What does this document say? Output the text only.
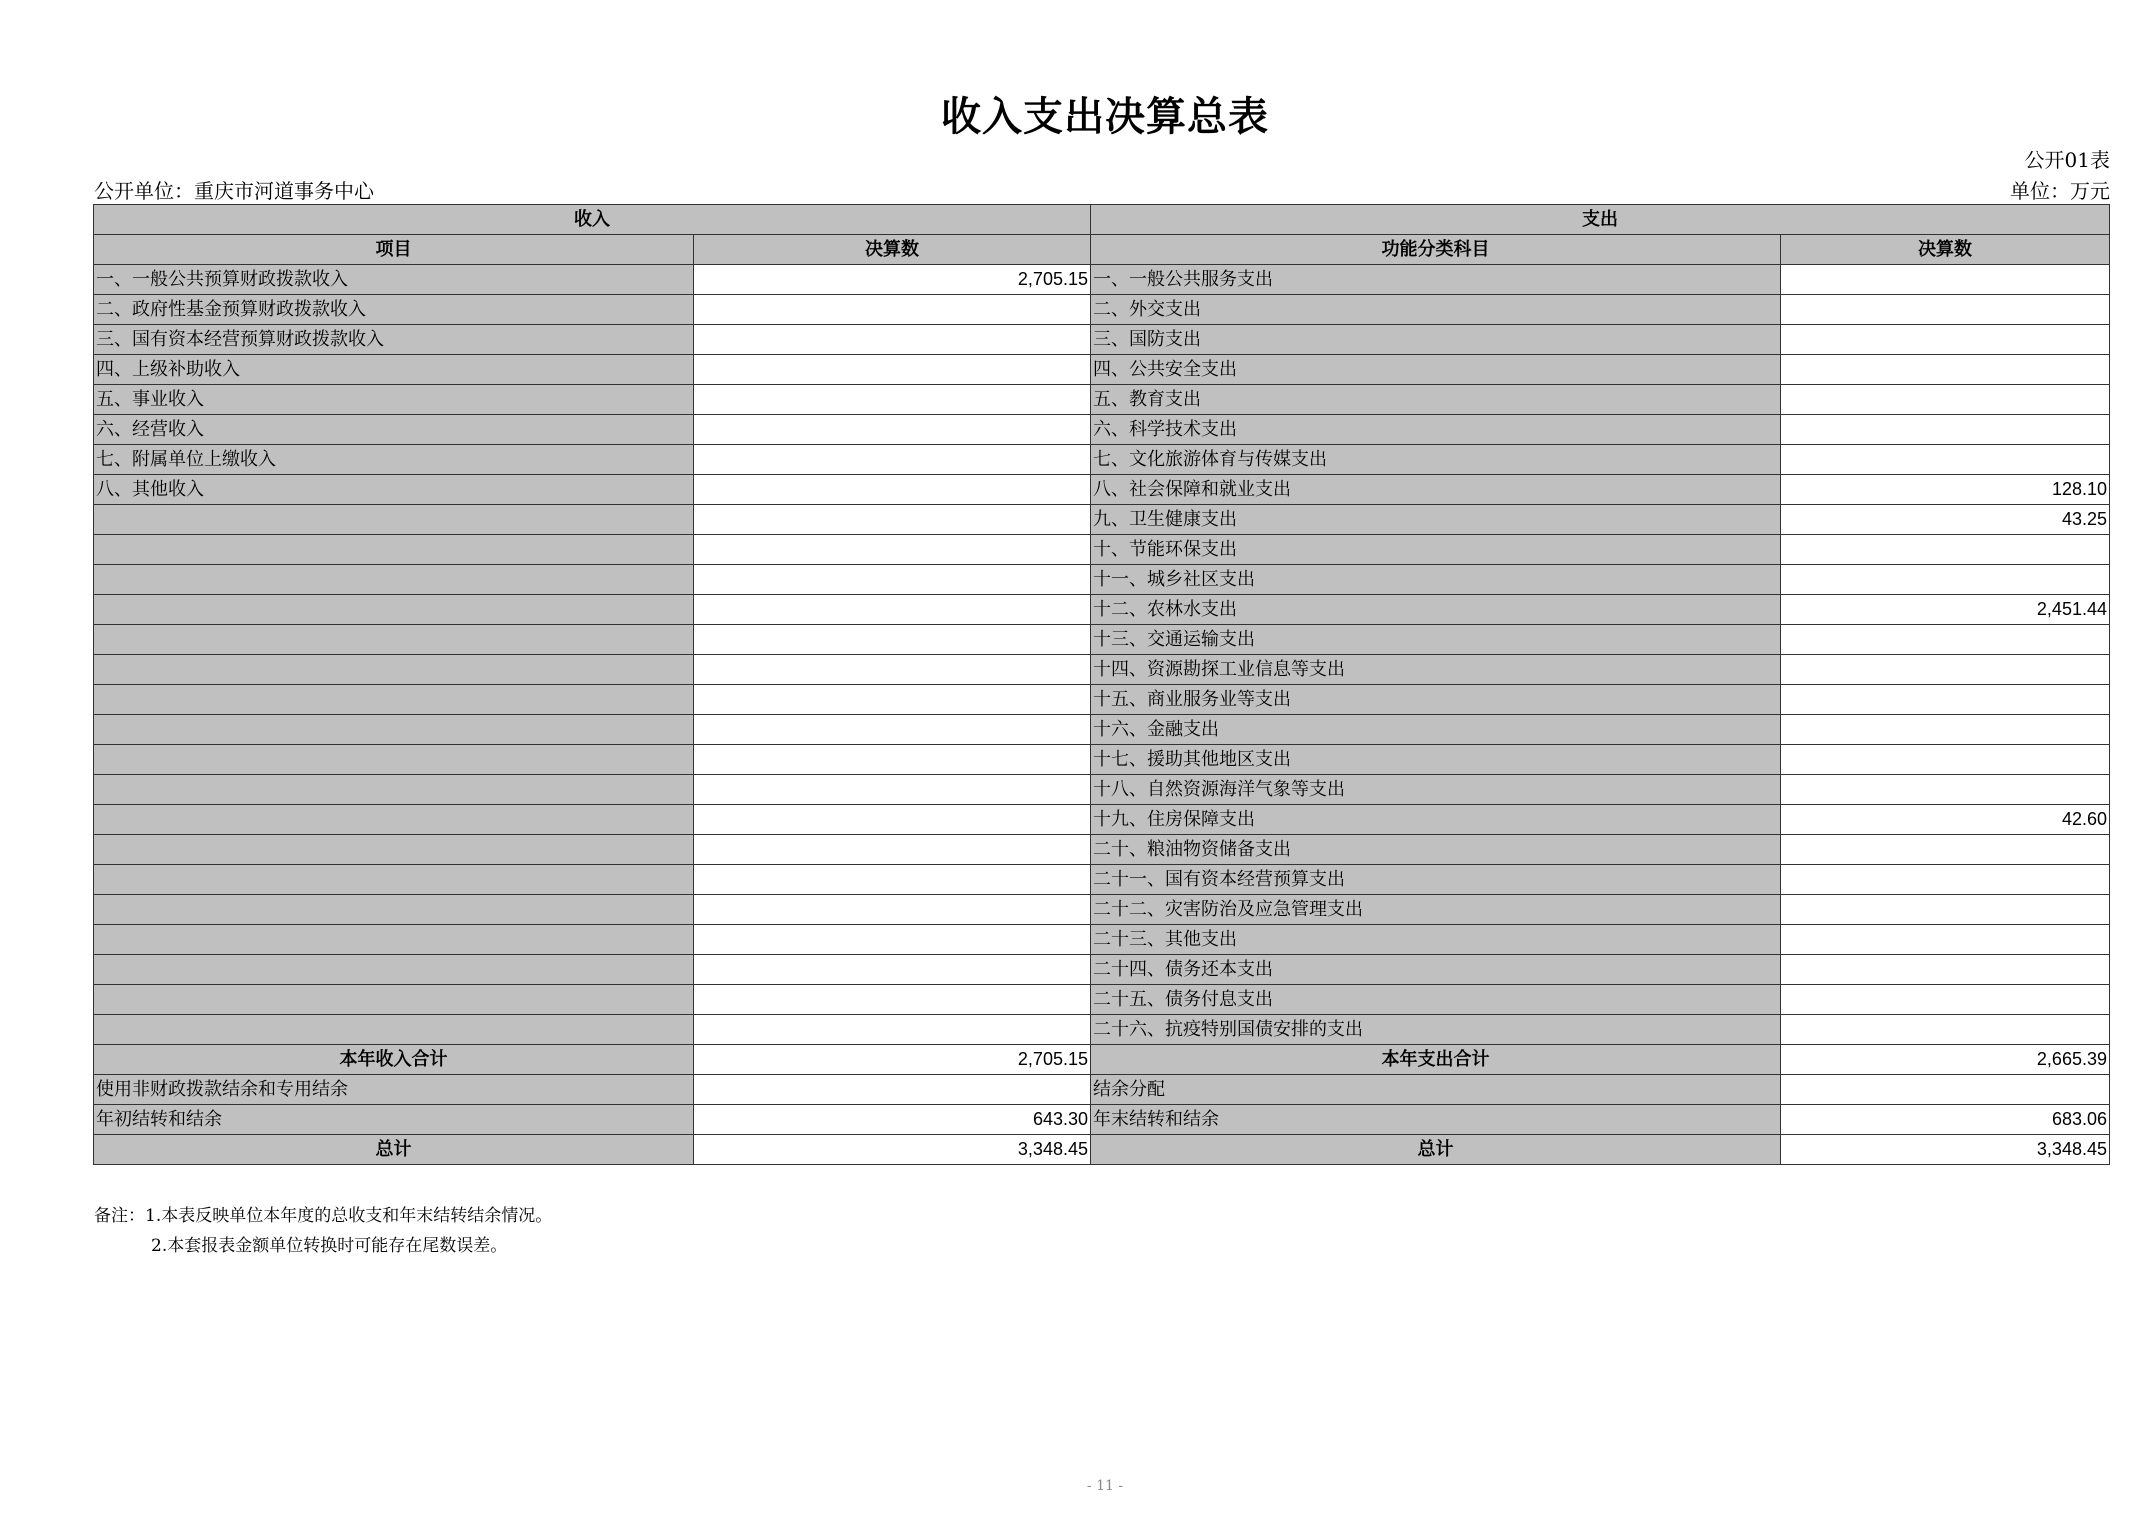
收入支出决算总表
公开01表
公开单位：重庆市河道事务中心	单位：万元
收入		支出	
项目	决算数	功能分类科目	决算数
一、一般公共预算财政拨款收入	2,705.15	一、一般公共服务支出	
二、政府性基金预算财政拨款收入		二、外交支出	
三、国有资本经营预算财政拨款收入		三、国防支出	
四、上级补助收入		四、公共安全支出	
五、事业收入		五、教育支出	
六、经营收入		六、科学技术支出	
七、附属单位上缴收入		七、文化旅游体育与传媒支出	
八、其他收入		八、社会保障和就业支出	128.10
		九、卫生健康支出	43.25
		十、节能环保支出	
		十一、城乡社区支出	
		十二、农林水支出	2,451.44
		十三、交通运输支出	
		十四、资源勘探工业信息等支出	
		十五、商业服务业等支出	
		十六、金融支出	
		十七、援助其他地区支出	
		十八、自然资源海洋气象等支出	
		十九、住房保障支出	42.60
		二十、粮油物资储备支出	
		二十一、国有资本经营预算支出	
		二十二、灾害防治及应急管理支出	
		二十三、其他支出	
		二十四、债务还本支出	
		二十五、债务付息支出	
		二十六、抗疫特别国债安排的支出	
本年收入合计	2,705.15	本年支出合计	2,665.39
使用非财政拨款结余和专用结余		结余分配	
年初结转和结余	643.30	年末结转和结余	683.06
总计	3,348.45	总计	3,348.45
备注：1.本表反映单位本年度的总收支和年末结转结余情况。
2.本套报表金额单位转换时可能存在尾数误差。
- 11 -
